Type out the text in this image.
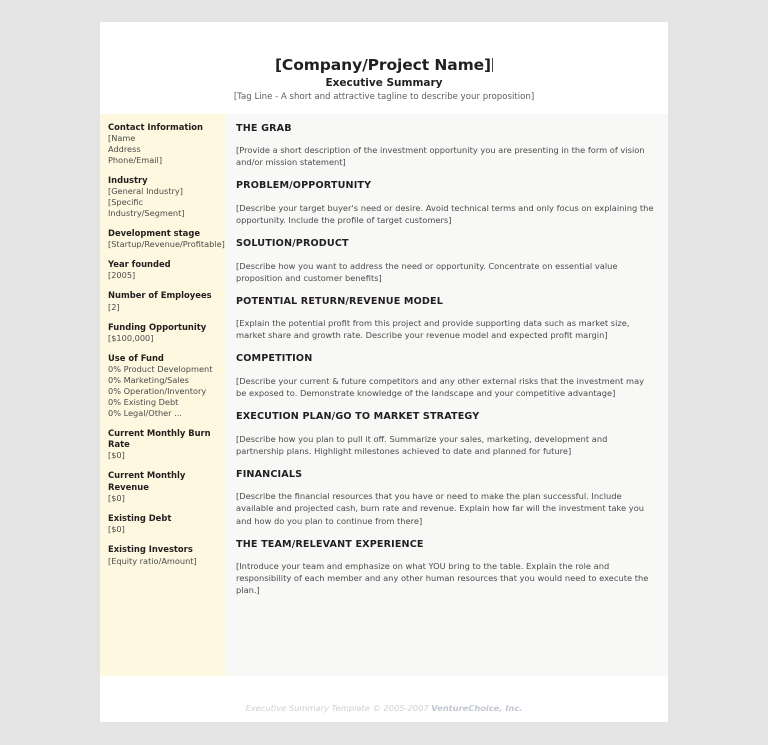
[Company/Project Name]
Executive Summary
[Tag Line - A short and attractive tagline to describe your proposition]
Contact Information
[Name
Address
Phone/Email]
Industry
[General Industry]
[Specific Industry/Segment]
Development stage
[Startup/Revenue/Profitable]
Year founded
[2005]
Number of Employees
[2]
Funding Opportunity
[$100,000]
Use of Fund
0% Product Development
0% Marketing/Sales
0% Operation/Inventory
0% Existing Debt
0% Legal/Other ...
Current Monthly Burn Rate
[$0]
Current Monthly Revenue
[$0]
Existing Debt
[$0]
Existing Investors
[Equity ratio/Amount]
THE GRAB
[Provide a short description of the investment opportunity you are presenting in the form of vision and/or mission statement]
PROBLEM/OPPORTUNITY
[Describe your target buyer's need or desire. Avoid technical terms and only focus on explaining the opportunity. Include the profile of target customers]
SOLUTION/PRODUCT
[Describe how you want to address the need or opportunity. Concentrate on essential value proposition and customer benefits]
POTENTIAL RETURN/REVENUE MODEL
[Explain the potential profit from this project and provide supporting data such as market size, market share and growth rate. Describe your revenue model and expected profit margin]
COMPETITION
[Describe your current & future competitors and any other external risks that the investment may be exposed to. Demonstrate knowledge of the landscape and your competitive advantage]
EXECUTION PLAN/GO TO MARKET STRATEGY
[Describe how you plan to pull it off. Summarize your sales, marketing, development and partnership plans. Highlight milestones achieved to date and planned for future]
FINANCIALS
[Describe the financial resources that you have or need to make the plan successful. Include available and projected cash, burn rate and revenue. Explain how far will the investment take you and how do you plan to continue from there]
THE TEAM/RELEVANT EXPERIENCE
[Introduce your team and emphasize on what YOU bring to the table. Explain the role and responsibility of each member and any other human resources that you would need to execute the plan.]
Executive Summary Template © 2005-2007 VentureChoice, Inc.
